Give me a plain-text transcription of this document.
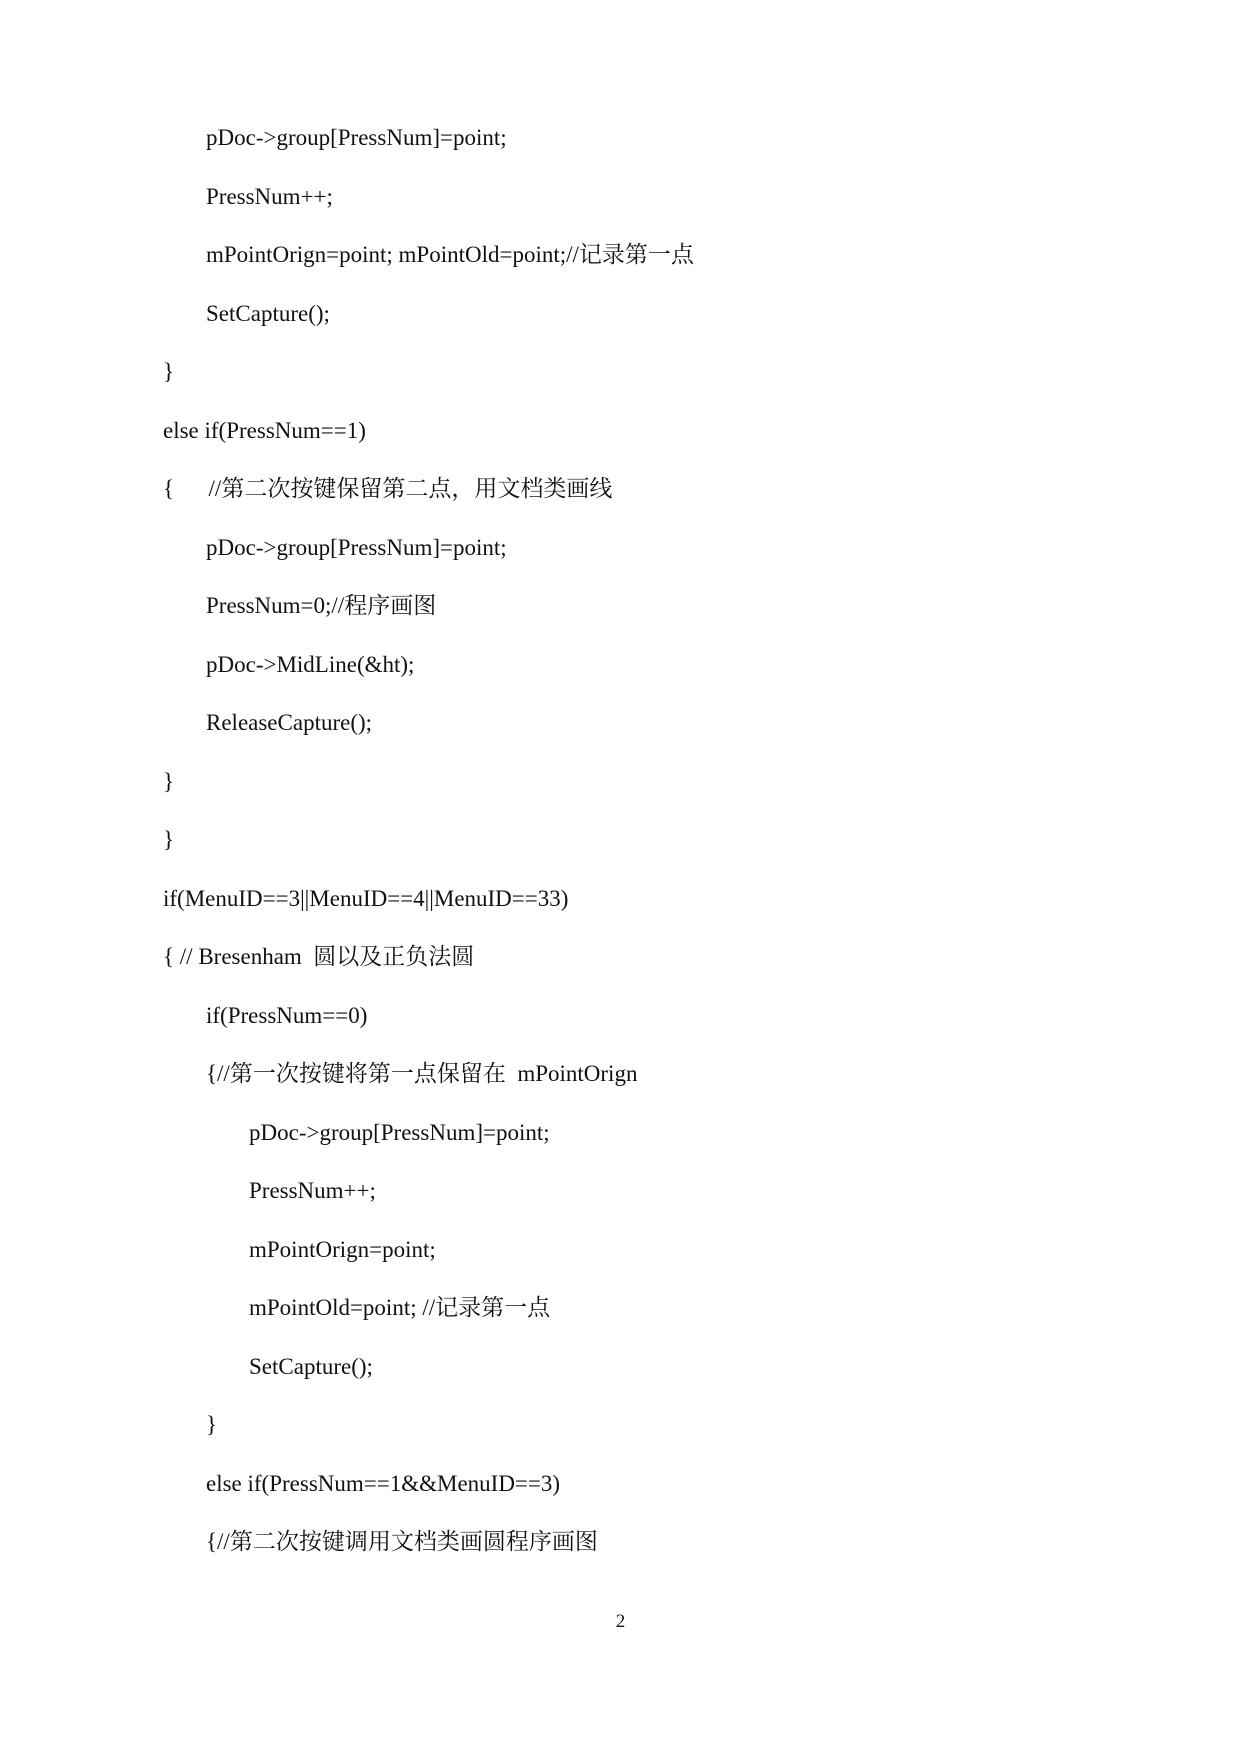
pDoc->group[PressNum]=point;
PressNum++;
mPointOrign=point; mPointOld=point;//记录第一点
SetCapture();
}
else if(PressNum==1)
{      //第二次按键保留第二点，用文档类画线
pDoc->group[PressNum]=point;
PressNum=0;//程序画图
pDoc->MidLine(&ht);
ReleaseCapture();
}
}
if(MenuID==3||MenuID==4||MenuID==33)
{ // Bresenham  圆以及正负法圆
if(PressNum==0)
{//第一次按键将第一点保留在  mPointOrign
pDoc->group[PressNum]=point;
PressNum++;
mPointOrign=point;
mPointOld=point; //记录第一点
SetCapture();
}
else if(PressNum==1&&MenuID==3)
{//第二次按键调用文档类画圆程序画图
2
